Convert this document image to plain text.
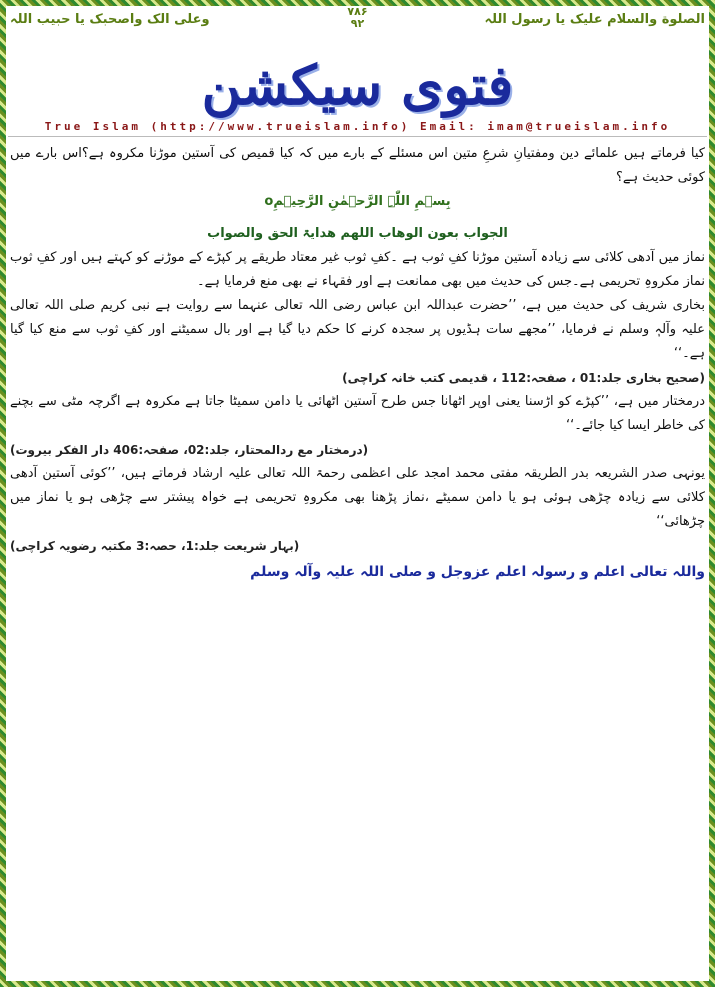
الصلوة والسلام علیک یا رسول اللہ
۷۸۶
۹۲
وعلی الک واصحبک یا حبیب اللہ
فتوی سیکشن
True Islam (http://www.trueislam.info) Email: imam@trueislam.info

کیا فرماتے ہیں علمائے دین ومفتیانِ شرعِ متین اس مسئلے کے بارے میں کہ کیا قمیص کی آستین موڑنا مکروہ ہے؟اس بارے میں کوئی حدیث ہے؟

بِسۡمِ اللّٰہِ الرَّحۡمٰنِ الرَّحِیۡمِo

الجواب بعون الوھاب اللھم ھدایۃ الحق والصواب

نماز میں آدھی کلائی سے زیادہ آستین موڑنا کفِ ثوب ہے ۔کفِ ثوب غیر معتاد طریقے پر کپڑے کے موڑنے کو کہتے ہیں اور کفِ ثوب نماز مکروہِ تحریمی ہے۔جس کی حدیث میں بھی ممانعت ہے اور فقہاء نے بھی منع فرمایا ہے۔

بخاری شریف کی حدیث میں ہے، ’’حضرت عبداللہ ابن عباس رضی اللہ تعالی عنہما سے روایت ہے نبی کریم صلی اللہ تعالی علیہ وآلہٖ وسلم نے فرمایا، ’’مجھے سات ہڈیوں پر سجدہ کرنے کا حکم دیا گیا ہے اور بال سمیٹنے اور کفِ ثوب سے منع کیا گیا ہے۔‘‘

(صحیح بخاری جلد:01 ، صفحہ:112 ، قدیمی کتب خانہ کراچی)

درمختار میں ہے، ’’کپڑے کو اڑسنا یعنی اوپر اٹھانا جس طرح آستین اٹھائی یا دامن سمیٹا جاتا ہے مکروہ ہے اگرچہ مٹی سے بچنے کی خاطر ایسا کیا جائے۔‘‘

(درمختار مع ردالمحتار، جلد:02، صفحہ:406 دار الفکر بیروت)

یونہی صدر الشریعہ بدر الطریقہ مفتی محمد امجد علی اعظمی رحمۃ اللہ تعالی علیہ ارشاد فرماتے ہیں، ’’کوئی آستین آدھی کلائی سے زیادہ چڑھی ہوئی ہو یا دامن سمیٹے ،نماز پڑھنا بھی مکروہِ تحریمی ہے خواہ پیشتر سے چڑھی ہو یا نماز میں چڑھائی‘‘

(بہار شریعت جلد:1، حصہ:3 مکتبہ رضویہ کراچی)

واللہ تعالی اعلم و رسولہ اعلم عزوجل و صلی اللہ علیہ وآلہ وسلم
